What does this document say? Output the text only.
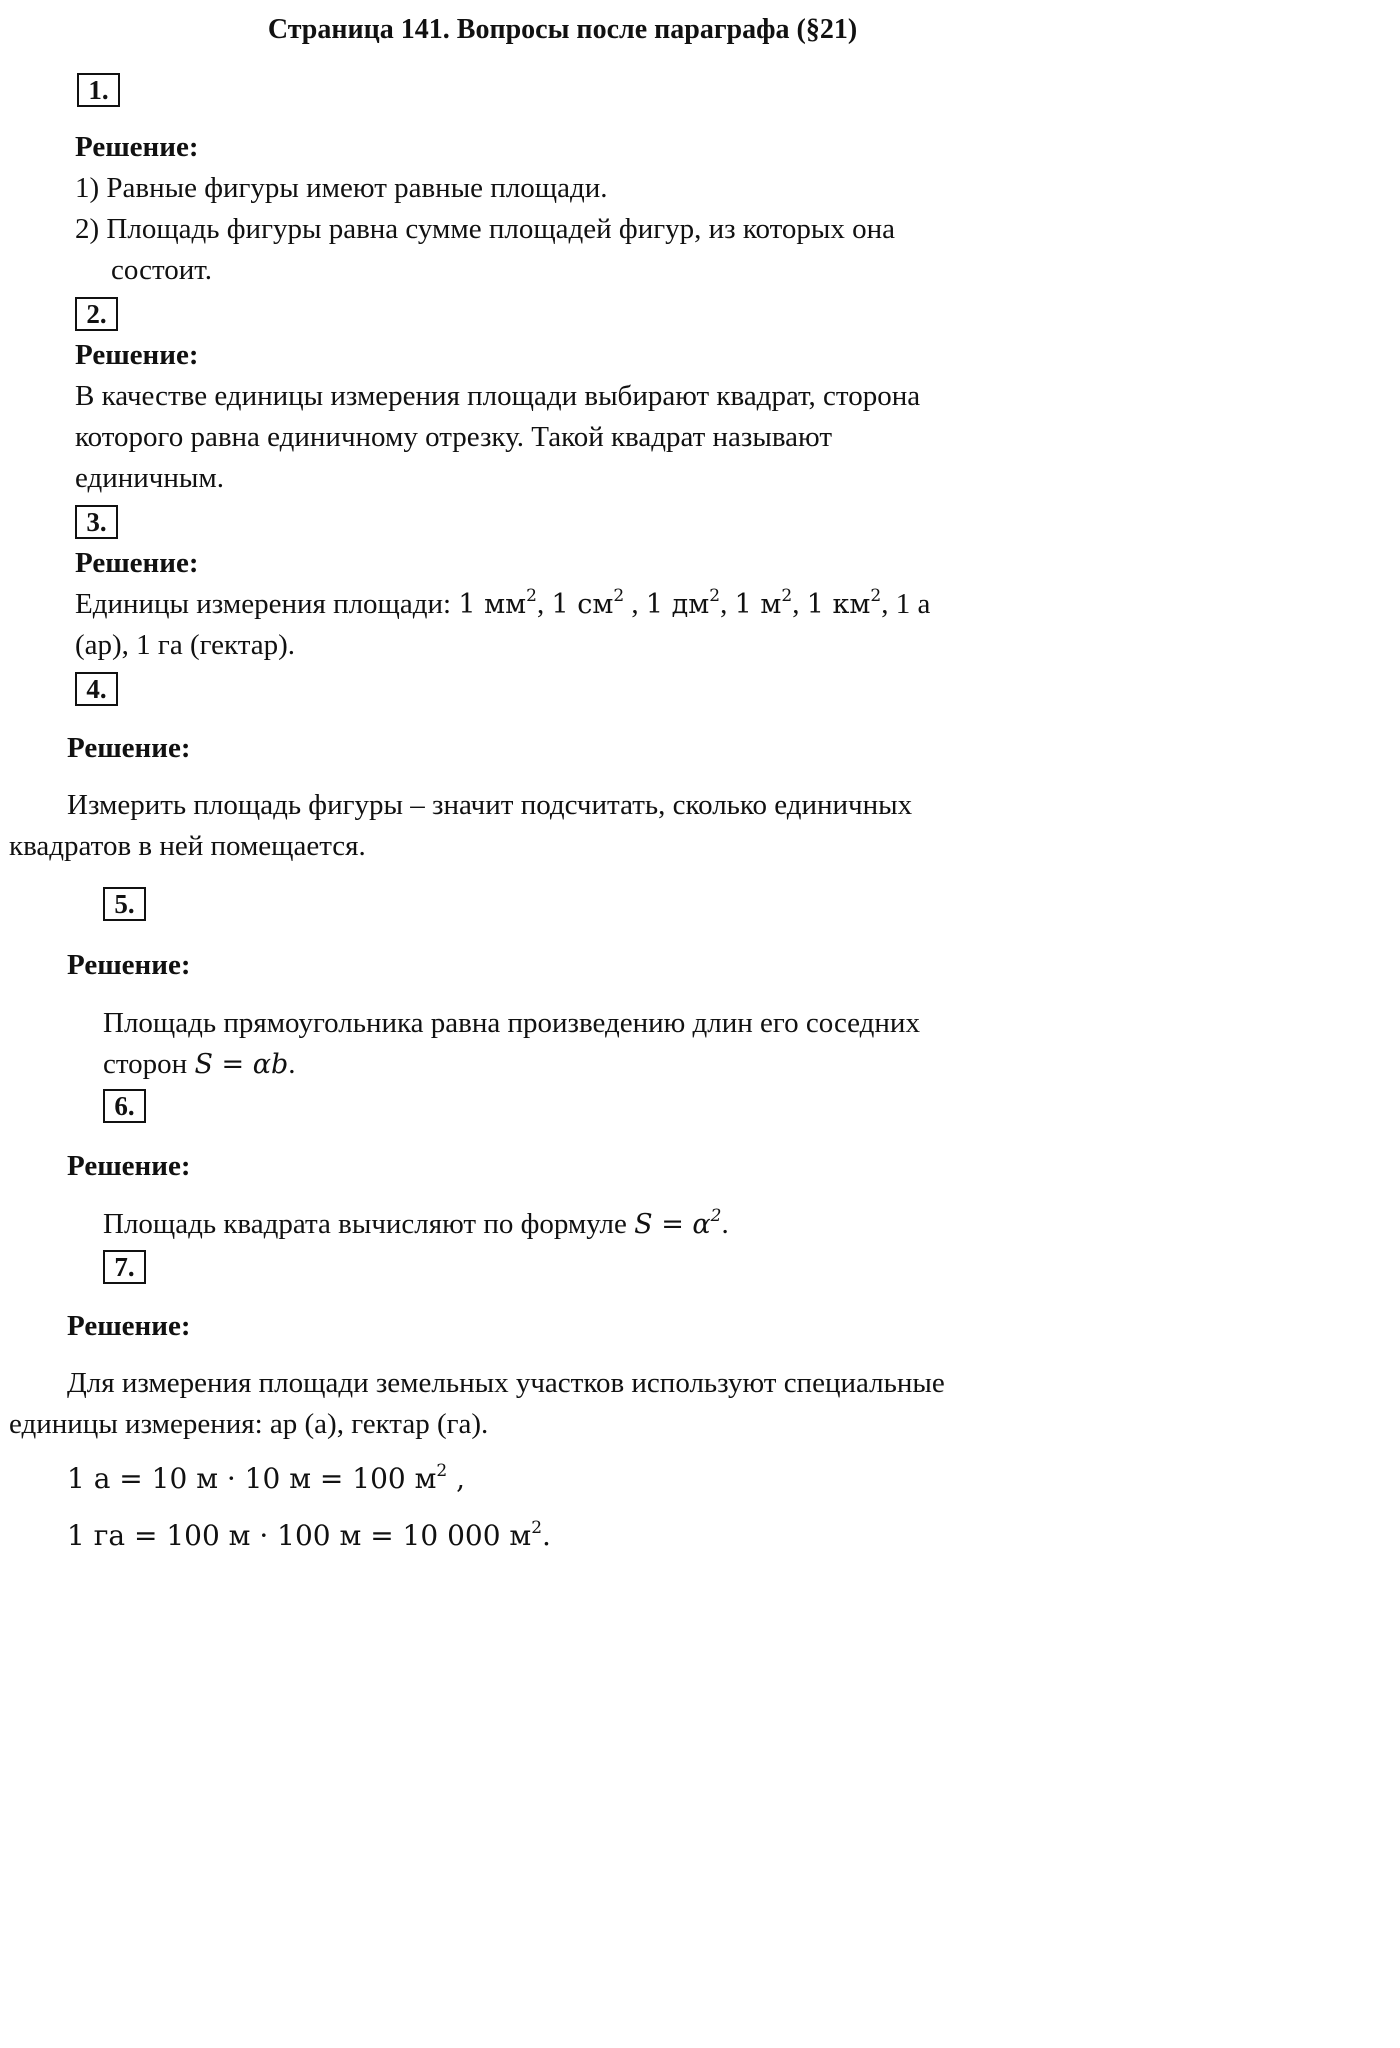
Страница 141. Вопросы после параграфа (§21)
1.
Решение:
1) Равные фигуры имеют равные площади.
2) Площадь фигуры равна сумме площадей фигур, из которых она
состоит.
2.
Решение:
В качестве единицы измерения площади выбирают квадрат, сторона
которого равна единичному отрезку. Такой квадрат называют
единичным.
3.
Решение:
Единицы измерения площади: 1 $мм^2$, 1 $см^2$ , 1 $дм^2$, 1 $м^2$, 1 $км^2$, 1 а
(ар), 1 га (гектар).
4.
Решение:
Измерить площадь фигуры – значит подсчитать, сколько единичных
квадратов в ней помещается.
5.
Решение:
Площадь прямоугольника равна произведению длин его соседних
сторон S = αb.
6.
Решение:
Площадь квадрата вычисляют по формуле $S = \alpha^2$.
7.
Решение:
Для измерения площади земельных участков используют специальные
единицы измерения: ар (а), гектар (га).
1 а = 10 м · 10 м = 100 $м^2$ ,
1 га = 100 м · 100 м = 10 000 $м^2$.
